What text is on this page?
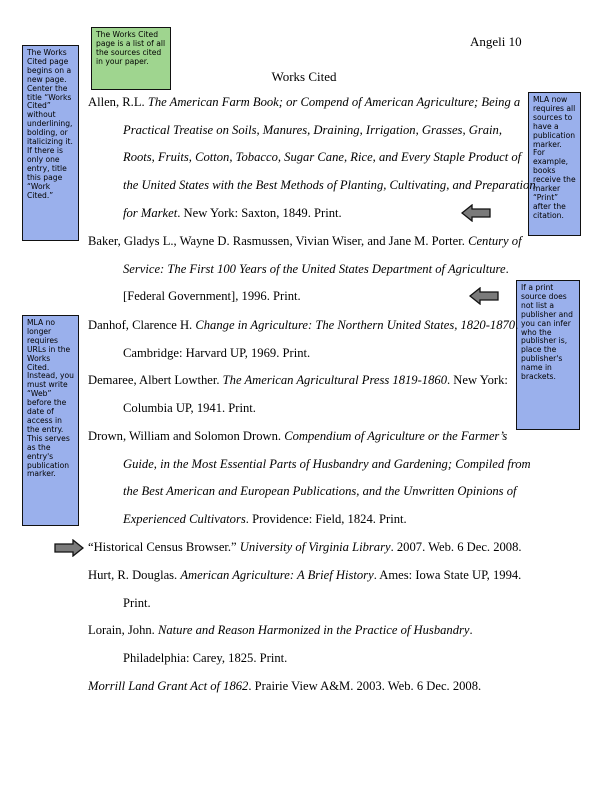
Angeli 10
Works Cited
The Works Cited page is a list of all the sources cited in your paper.
The Works Cited page begins on a new page. Center the title “Works Cited” without underlining, bolding, or italicizing it. If there is only one entry, title this page “Work Cited.”
MLA no longer requires URLs in the Works Cited. Instead, you must write “Web” before the date of access in the entry. This serves as the entry's publication marker.
MLA now requires all sources to have a publication marker. For example, books receive the marker “Print” after the citation.
If a print source does not list a publisher and you can infer who the publisher is, place the publisher's name in brackets.
Allen, R.L. The American Farm Book; or Compend of American Agriculture; Being a
Practical Treatise on Soils, Manures, Draining, Irrigation, Grasses, Grain,
Roots, Fruits, Cotton, Tobacco, Sugar Cane, Rice, and Every Staple Product of
the United States with the Best Methods of Planting, Cultivating, and Preparation
for Market. New York: Saxton, 1849. Print.
Baker, Gladys L., Wayne D. Rasmussen, Vivian Wiser, and Jane M. Porter. Century of
Service: The First 100 Years of the United States Department of Agriculture.
[Federal Government], 1996. Print.
Danhof, Clarence H. Change in Agriculture: The Northern United States, 1820-1870.
Cambridge: Harvard UP, 1969. Print.
Demaree, Albert Lowther. The American Agricultural Press 1819-1860. New York:
Columbia UP, 1941. Print.
Drown, William and Solomon Drown. Compendium of Agriculture or the Farmer’s
Guide, in the Most Essential Parts of Husbandry and Gardening; Compiled from
the Best American and European Publications, and the Unwritten Opinions of
Experienced Cultivators. Providence: Field, 1824. Print.
“Historical Census Browser.” University of Virginia Library. 2007. Web. 6 Dec. 2008.
Hurt, R. Douglas. American Agriculture: A Brief History. Ames: Iowa State UP, 1994.
Print.
Lorain, John. Nature and Reason Harmonized in the Practice of Husbandry.
Philadelphia: Carey, 1825. Print.
Morrill Land Grant Act of 1862. Prairie View A&M. 2003. Web. 6 Dec. 2008.
